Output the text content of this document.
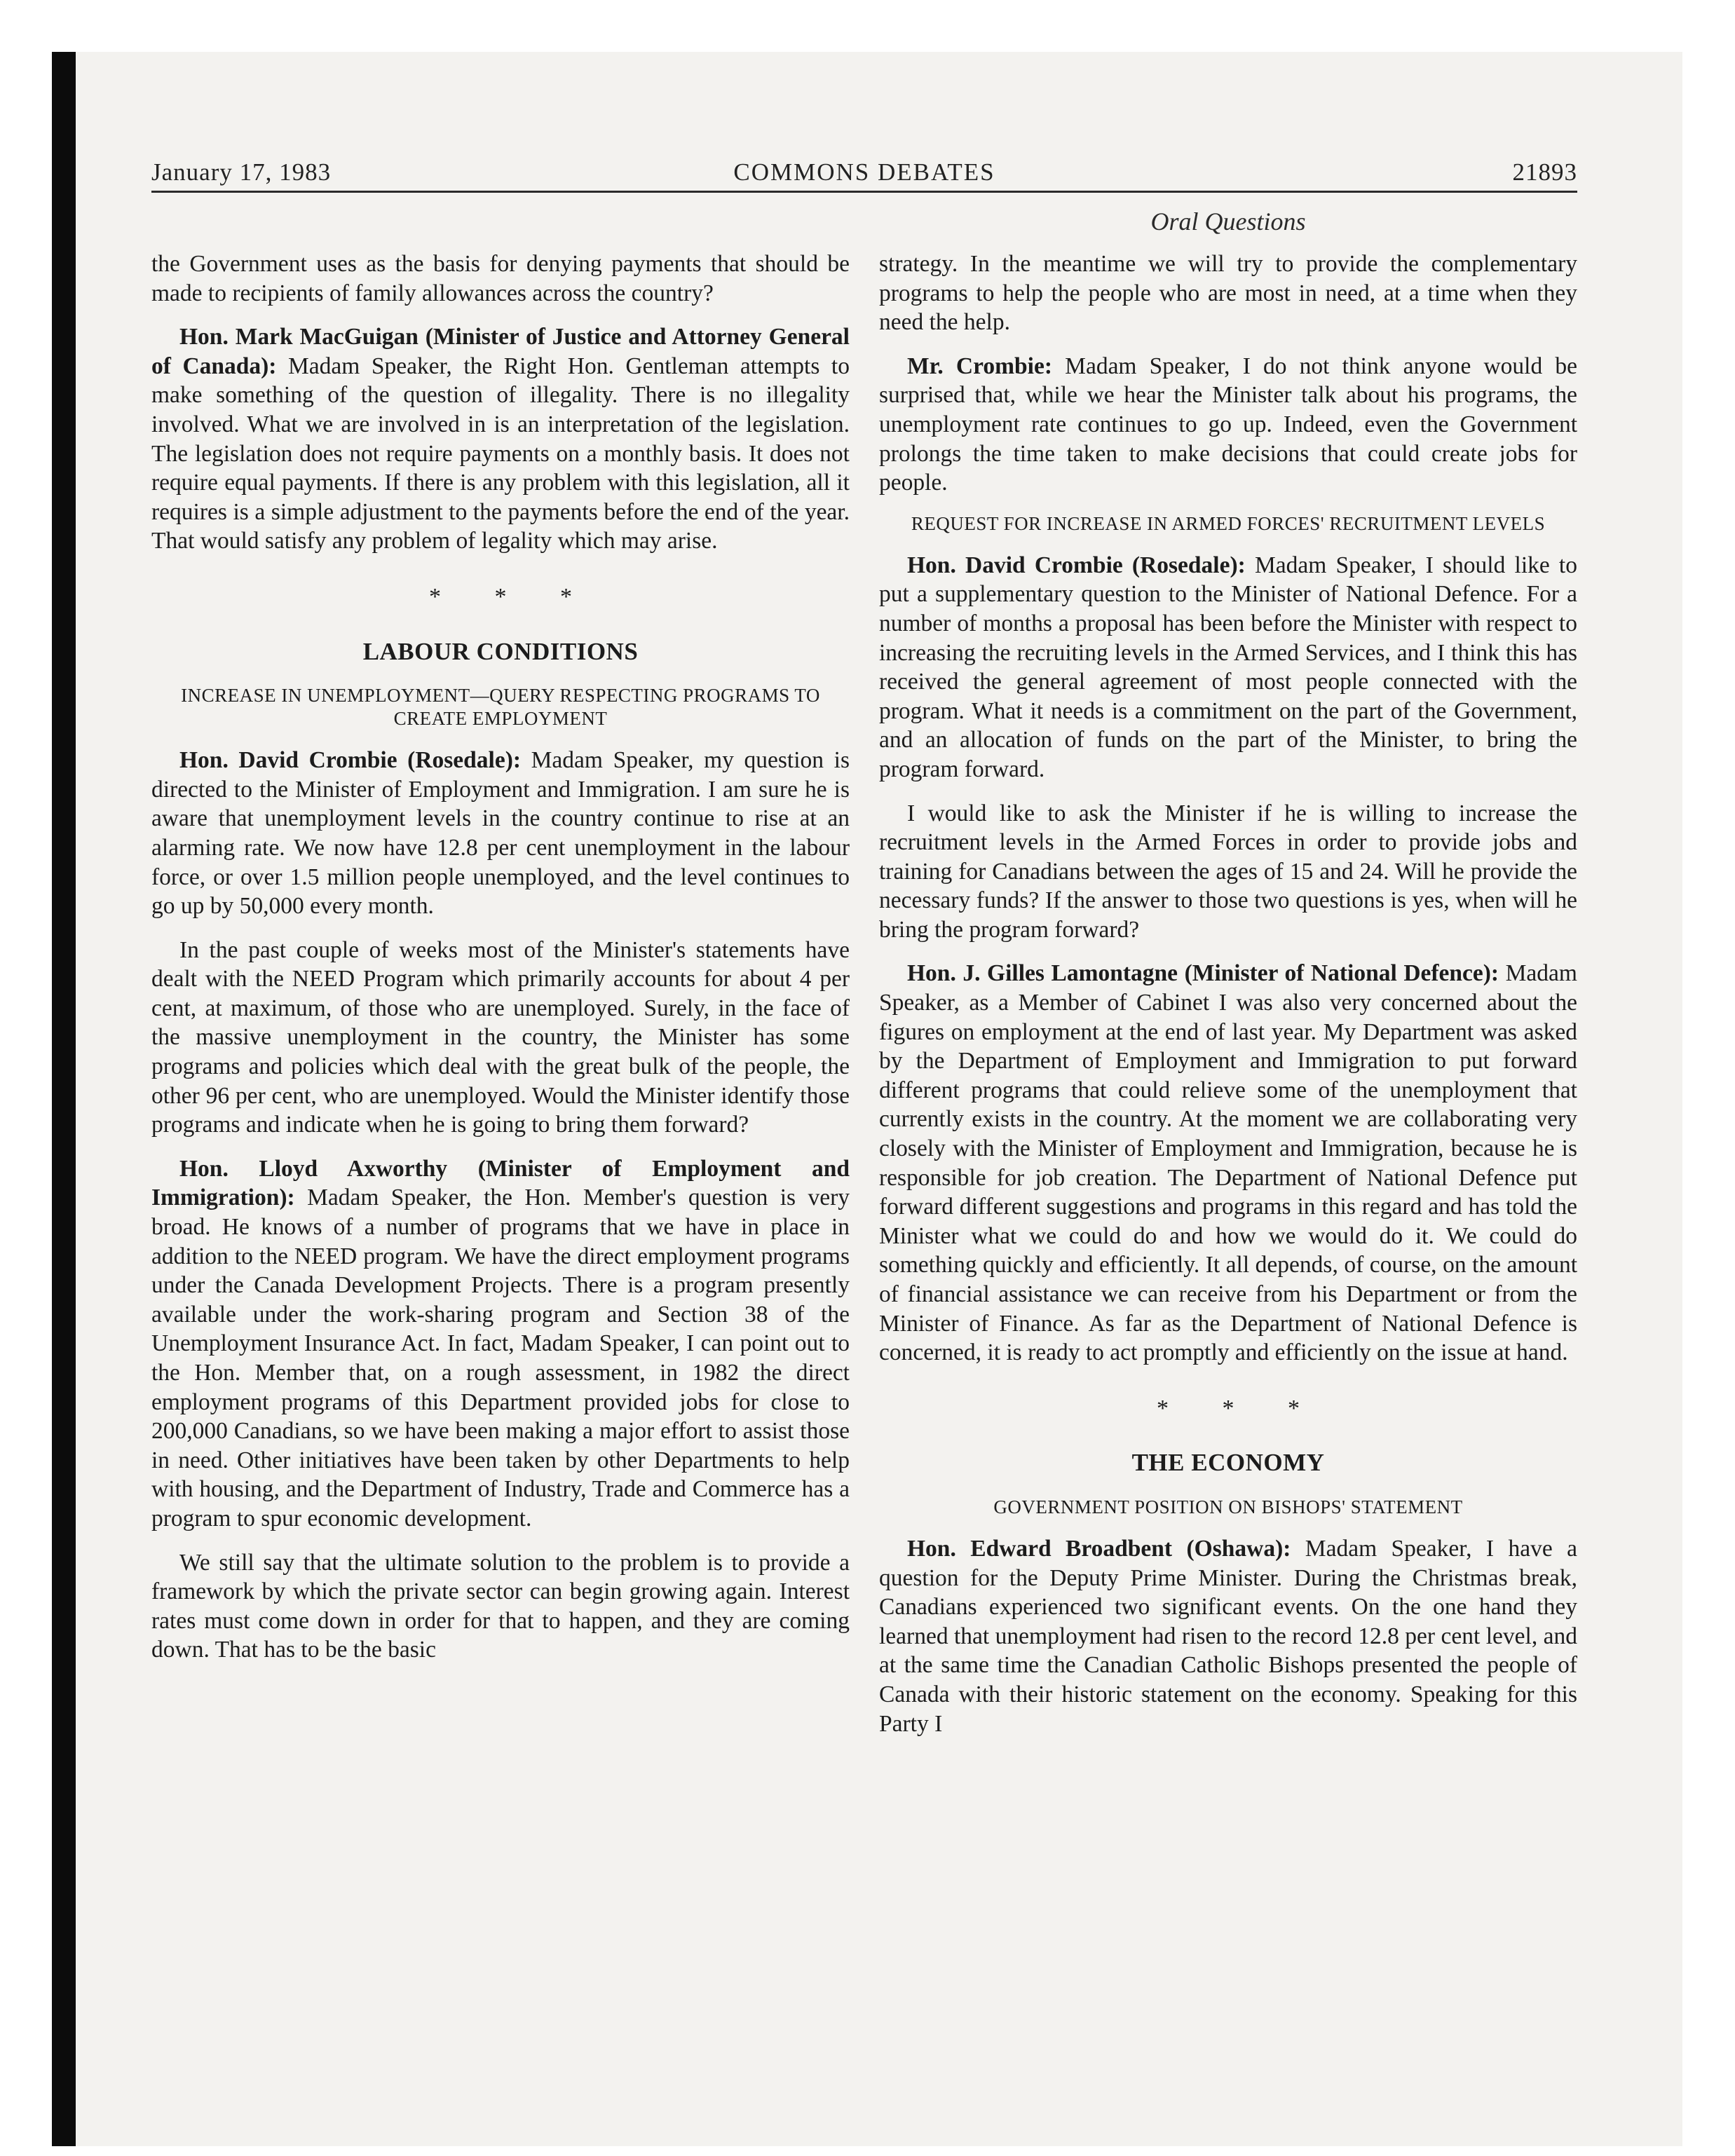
January 17, 1983	COMMONS DEBATES	21893
Oral Questions

the Government uses as the basis for denying payments that should be made to recipients of family allowances across the country?

Hon. Mark MacGuigan (Minister of Justice and Attorney General of Canada): Madam Speaker, the Right Hon. Gentleman attempts to make something of the question of illegality. There is no illegality involved. What we are involved in is an interpretation of the legislation. The legislation does not require payments on a monthly basis. It does not require equal payments. If there is any problem with this legislation, all it requires is a simple adjustment to the payments before the end of the year. That would satisfy any problem of legality which may arise.

* * *
LABOUR CONDITIONS
INCREASE IN UNEMPLOYMENT—QUERY RESPECTING PROGRAMS TO CREATE EMPLOYMENT

Hon. David Crombie (Rosedale): Madam Speaker, my question is directed to the Minister of Employment and Immigration. I am sure he is aware that unemployment levels in the country continue to rise at an alarming rate. We now have 12.8 per cent unemployment in the labour force, or over 1.5 million people unemployed, and the level continues to go up by 50,000 every month.

In the past couple of weeks most of the Minister's statements have dealt with the NEED Program which primarily accounts for about 4 per cent, at maximum, of those who are unemployed. Surely, in the face of the massive unemployment in the country, the Minister has some programs and policies which deal with the great bulk of the people, the other 96 per cent, who are unemployed. Would the Minister identify those programs and indicate when he is going to bring them forward?

Hon. Lloyd Axworthy (Minister of Employment and Immigration): Madam Speaker, the Hon. Member's question is very broad. He knows of a number of programs that we have in place in addition to the NEED program. We have the direct employment programs under the Canada Development Projects. There is a program presently available under the work-sharing program and Section 38 of the Unemployment Insurance Act. In fact, Madam Speaker, I can point out to the Hon. Member that, on a rough assessment, in 1982 the direct employment programs of this Department provided jobs for close to 200,000 Canadians, so we have been making a major effort to assist those in need. Other initiatives have been taken by other Departments to help with housing, and the Department of Industry, Trade and Commerce has a program to spur economic development.

We still say that the ultimate solution to the problem is to provide a framework by which the private sector can begin growing again. Interest rates must come down in order for that to happen, and they are coming down. That has to be the basic

strategy. In the meantime we will try to provide the complementary programs to help the people who are most in need, at a time when they need the help.

Mr. Crombie: Madam Speaker, I do not think anyone would be surprised that, while we hear the Minister talk about his programs, the unemployment rate continues to go up. Indeed, even the Government prolongs the time taken to make decisions that could create jobs for people.

REQUEST FOR INCREASE IN ARMED FORCES' RECRUITMENT LEVELS

Hon. David Crombie (Rosedale): Madam Speaker, I should like to put a supplementary question to the Minister of National Defence. For a number of months a proposal has been before the Minister with respect to increasing the recruiting levels in the Armed Services, and I think this has received the general agreement of most people connected with the program. What it needs is a commitment on the part of the Government, and an allocation of funds on the part of the Minister, to bring the program forward.

I would like to ask the Minister if he is willing to increase the recruitment levels in the Armed Forces in order to provide jobs and training for Canadians between the ages of 15 and 24. Will he provide the necessary funds? If the answer to those two questions is yes, when will he bring the program forward?

Hon. J. Gilles Lamontagne (Minister of National Defence): Madam Speaker, as a Member of Cabinet I was also very concerned about the figures on employment at the end of last year. My Department was asked by the Department of Employment and Immigration to put forward different programs that could relieve some of the unemployment that currently exists in the country. At the moment we are collaborating very closely with the Minister of Employment and Immigration, because he is responsible for job creation. The Department of National Defence put forward different suggestions and programs in this regard and has told the Minister what we could do and how we would do it. We could do something quickly and efficiently. It all depends, of course, on the amount of financial assistance we can receive from his Department or from the Minister of Finance. As far as the Department of National Defence is concerned, it is ready to act promptly and efficiently on the issue at hand.

* * *
THE ECONOMY
GOVERNMENT POSITION ON BISHOPS' STATEMENT

Hon. Edward Broadbent (Oshawa): Madam Speaker, I have a question for the Deputy Prime Minister. During the Christmas break, Canadians experienced two significant events. On the one hand they learned that unemployment had risen to the record 12.8 per cent level, and at the same time the Canadian Catholic Bishops presented the people of Canada with their historic statement on the economy. Speaking for this Party I
